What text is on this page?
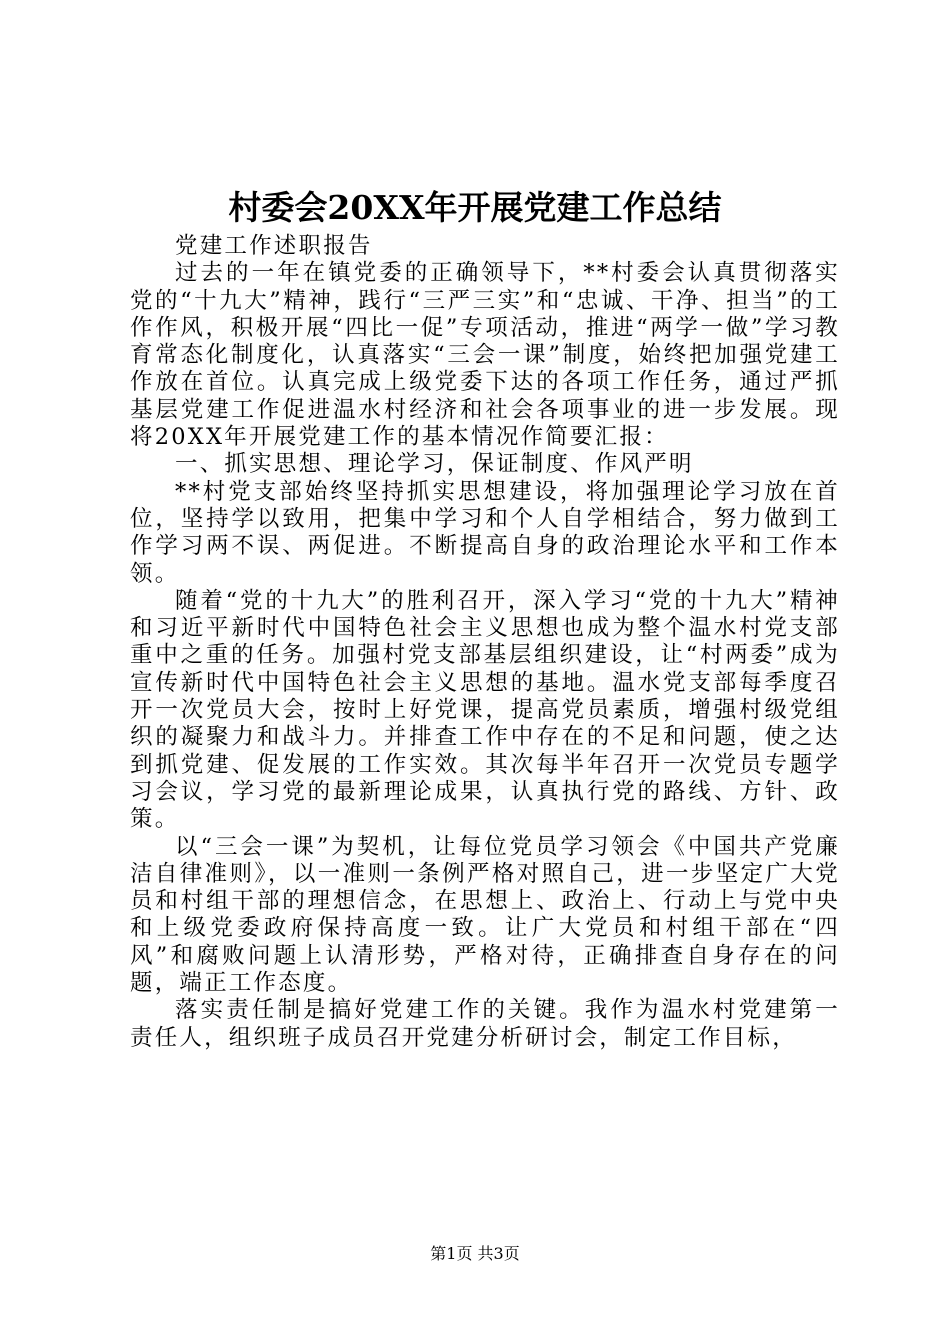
村委会20XX年开展党建工作总结

党建工作述职报告

过去的一年在镇党委的正确领导下，**村委会认真贯彻落实党的“十九大”精神，践行“三严三实”和“忠诚、干净、担当”的工作作风，积极开展“四比一促”专项活动，推进“两学一做”学习教育常态化制度化，认真落实“三会一课”制度，始终把加强党建工作放在首位。认真完成上级党委下达的各项工作任务，通过严抓基层党建工作促进温水村经济和社会各项事业的进一步发展。现将20XX年开展党建工作的基本情况作简要汇报：

一、抓实思想、理论学习，保证制度、作风严明

**村党支部始终坚持抓实思想建设，将加强理论学习放在首位，坚持学以致用，把集中学习和个人自学相结合，努力做到工作学习两不误、两促进。不断提高自身的政治理论水平和工作本领。

随着“党的十九大”的胜利召开，深入学习“党的十九大”精神和习近平新时代中国特色社会主义思想也成为整个温水村党支部重中之重的任务。加强村党支部基层组织建设，让“村两委”成为宣传新时代中国特色社会主义思想的基地。温水党支部每季度召开一次党员大会，按时上好党课，提高党员素质，增强村级党组织的凝聚力和战斗力。并排查工作中存在的不足和问题，使之达到抓党建、促发展的工作实效。其次每半年召开一次党员专题学习会议，学习党的最新理论成果，认真执行党的路线、方针、政策。

以“三会一课”为契机，让每位党员学习领会《中国共产党廉洁自律准则》，以一准则一条例严格对照自己，进一步坚定广大党员和村组干部的理想信念，在思想上、政治上、行动上与党中央和上级党委政府保持高度一致。让广大党员和村组干部在“四风”和腐败问题上认清形势，严格对待，正确排查自身存在的问题，端正工作态度。

落实责任制是搞好党建工作的关键。我作为温水村党建第一责任人，组织班子成员召开党建分析研讨会，制定工作目标，

第1页 共3页
